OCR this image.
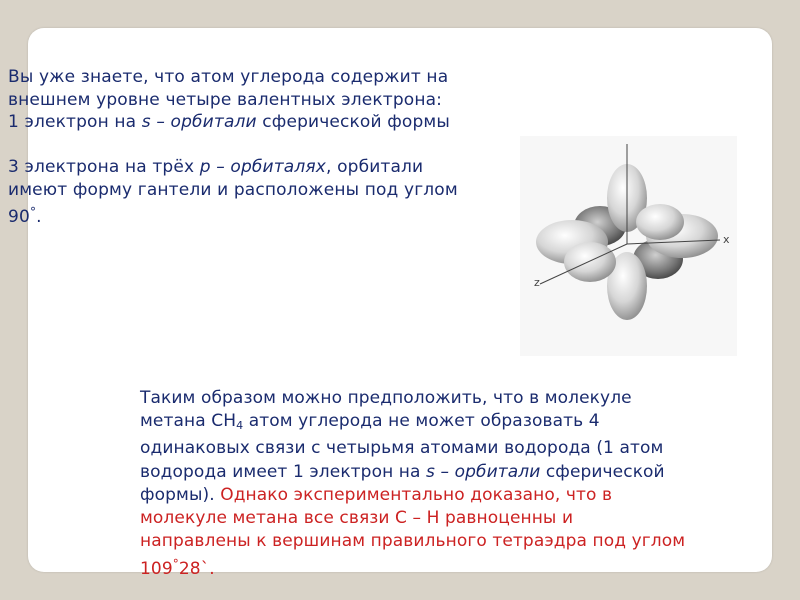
Вы уже знаете, что атом углерода содержит на

внешнем уровне четыре валентных электрона:

1 электрон на s – орбитали сферической формы

3 электрона на трёх р – орбиталях, орбитали

имеют форму гантели и расположены под углом

90°.

x
z

Таким образом можно предположить, что в молекуле

метана $СН_4$ атом углерода не может образовать 4

одинаковых связи с четырьмя атомами водорода (1 атом

водорода имеет 1 электрон на s – орбитали сферической

формы). Однако экспериментально доказано, что в

молекуле метана все связи С – Н равноценны и

направлены к вершинам правильного тетраэдра под углом

109°28`.
